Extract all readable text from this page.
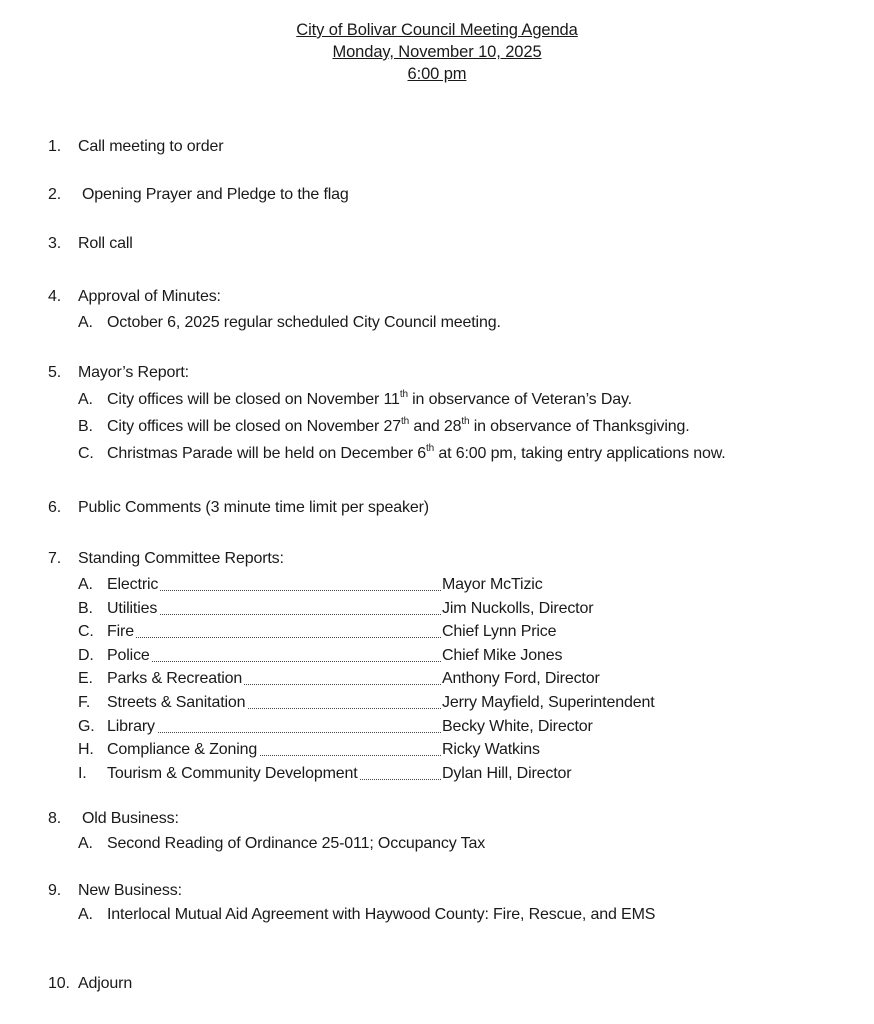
City of Bolivar Council Meeting Agenda
Monday, November 10, 2025
6:00 pm
1. Call meeting to order
2. Opening Prayer and Pledge to the flag
3. Roll call
4. Approval of Minutes:
A. October 6, 2025 regular scheduled City Council meeting.
5. Mayor’s Report:
A. City offices will be closed on November 11th in observance of Veteran’s Day.
B. City offices will be closed on November 27th and 28th in observance of Thanksgiving.
C. Christmas Parade will be held on December 6th at 6:00 pm, taking entry applications now.
6. Public Comments (3 minute time limit per speaker)
7. Standing Committee Reports:
A. Electric	Mayor McTizic
B. Utilities	Jim Nuckolls, Director
C. Fire	Chief Lynn Price
D. Police	Chief Mike Jones
E. Parks & Recreation	Anthony Ford, Director
F. Streets & Sanitation	Jerry Mayfield, Superintendent
G. Library	Becky White, Director
H. Compliance & Zoning	Ricky Watkins
I. Tourism & Community Development	Dylan Hill, Director
8. Old Business:
A. Second Reading of Ordinance 25-011; Occupancy Tax
9. New Business:
A. Interlocal Mutual Aid Agreement with Haywood County: Fire, Rescue, and EMS
10. Adjourn
